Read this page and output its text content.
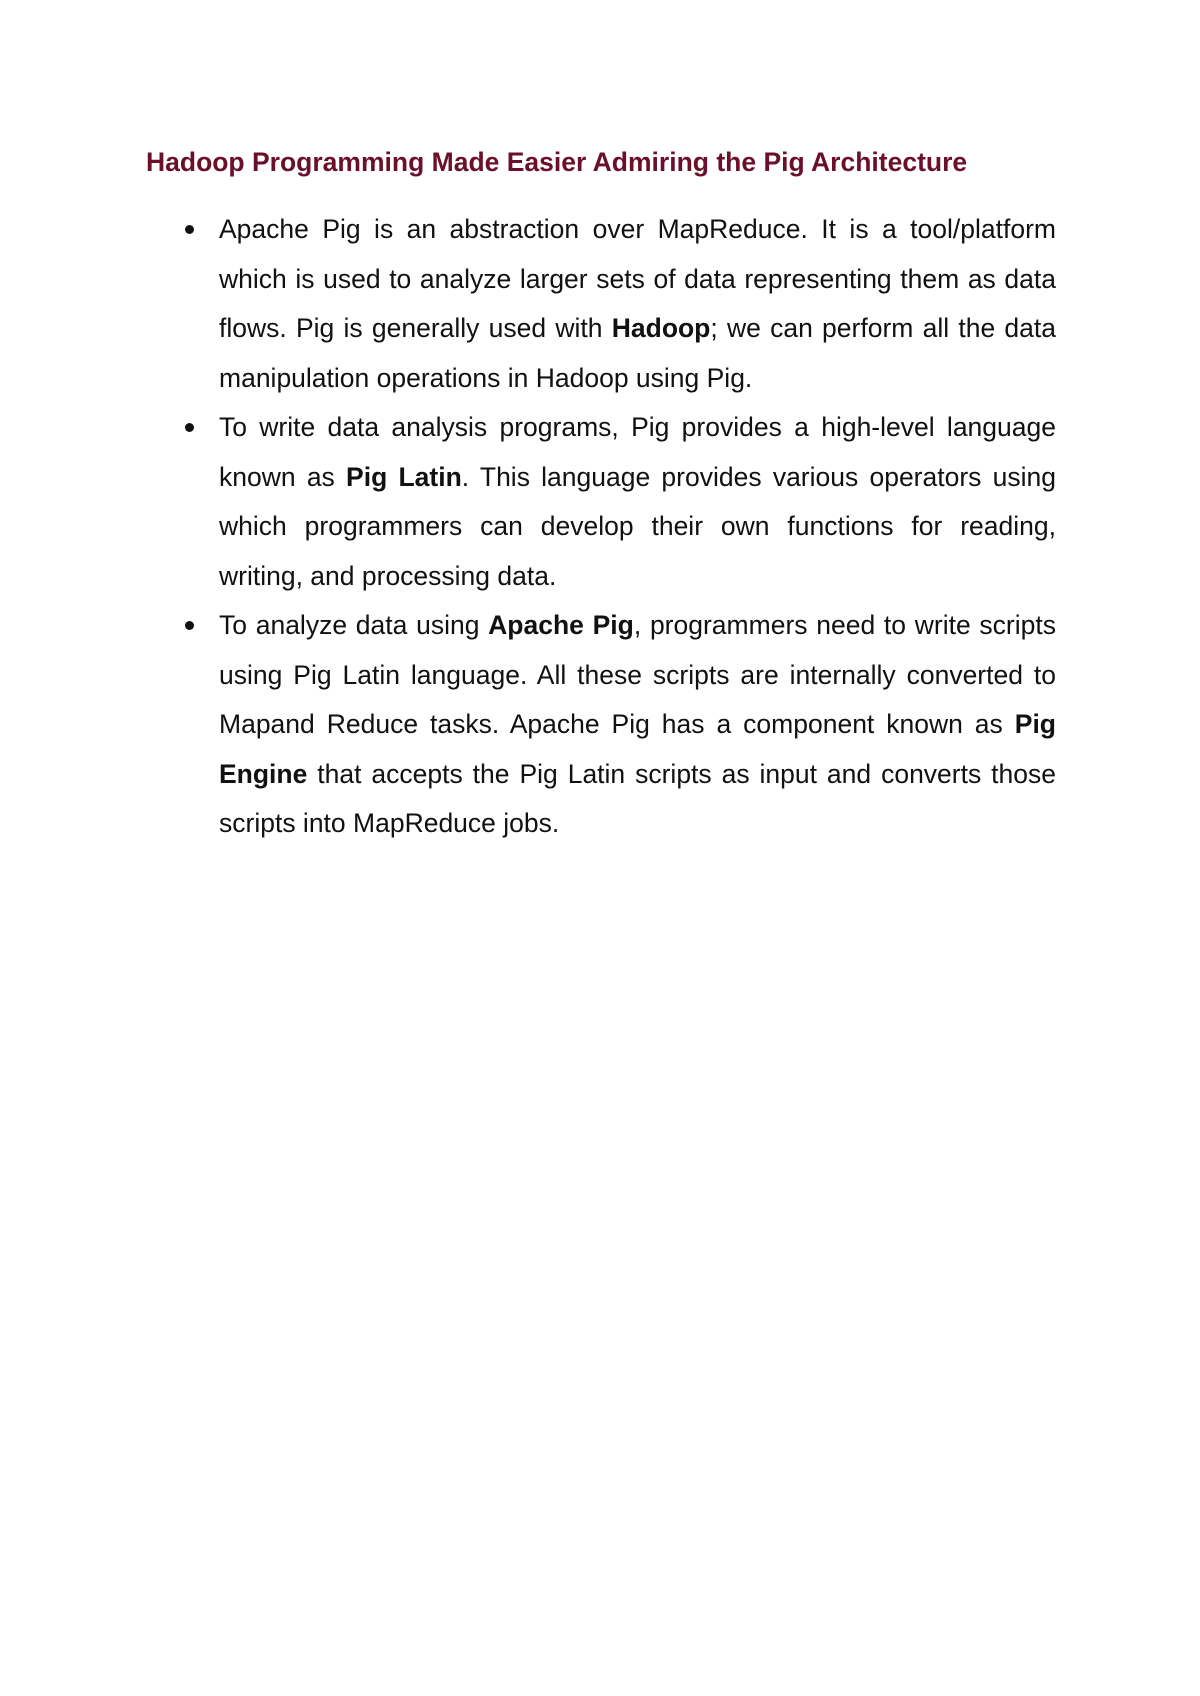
Hadoop Programming Made Easier Admiring the Pig Architecture
Apache Pig is an abstraction over MapReduce. It is a tool/platform which is used to analyze larger sets of data representing them as data flows. Pig is generally used with Hadoop; we can perform all the data manipulation operations in Hadoop using Pig.
To write data analysis programs, Pig provides a high-level language known as Pig Latin. This language provides various operators using which programmers can develop their own functions for reading, writing, and processing data.
To analyze data using Apache Pig, programmers need to write scripts using Pig Latin language. All these scripts are internally converted to Mapand Reduce tasks. Apache Pig has a component known as Pig Engine that accepts the Pig Latin scripts as input and converts those scripts into MapReduce jobs.
